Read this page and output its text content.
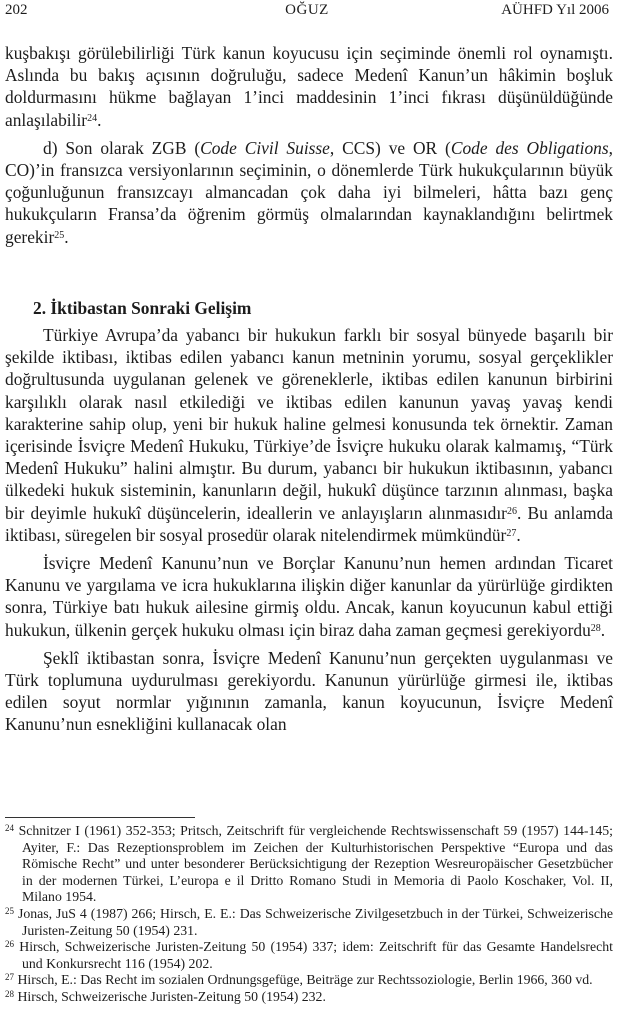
202	OĞUZ	AÜHFD Yıl 2006

kuşbakışı görülebilirliği Türk kanun koyucusu için seçiminde önemli rol oynamıştı. Aslında bu bakış açısının doğruluğu, sadece Medenî Kanun’un hâkimin boşluk doldurmasını hükme bağlayan 1’inci maddesinin 1’inci fıkrası düşünüldüğünde anlaşılabilir$^{24}$.

d) Son olarak ZGB (Code Civil Suisse, CCS) ve OR (Code des Obligations, CO)’in fransızca versiyonlarının seçiminin, o dönemlerde Türk hukukçularının büyük çoğunluğunun fransızcayı almancadan çok daha iyi bilmeleri, hâtta bazı genç hukukçuların Fransa’da öğrenim görmüş olmalarından kaynaklandığını belirtmek gerekir$^{25}$.

2. İktibastan Sonraki Gelişim

Türkiye Avrupa’da yabancı bir hukukun farklı bir sosyal bünyede başarılı bir şekilde iktibası, iktibas edilen yabancı kanun metninin yorumu, sosyal gerçeklikler doğrultusunda uygulanan gelenek ve göreneklerle, iktibas edilen kanunun birbirini karşılıklı olarak nasıl etkilediği ve iktibas edilen kanunun yavaş yavaş kendi karakterine sahip olup, yeni bir hukuk haline gelmesi konusunda tek örnektir. Zaman içerisinde İsviçre Medenî Hukuku, Türkiye’de İsviçre hukuku olarak kalmamış, “Türk Medenî Hukuku” halini almıştır. Bu durum, yabancı bir hukukun iktibasının, yabancı ülkedeki hukuk sisteminin, kanunların değil, hukukî düşünce tarzının alınması, başka bir deyimle hukukî düşüncelerin, ideallerin ve anlayışların alınmasıdır$^{26}$. Bu anlamda iktibası, süregelen bir sosyal prosedür olarak nitelendirmek mümkündür$^{27}$.

İsviçre Medenî Kanunu’nun ve Borçlar Kanunu’nun hemen ardından Ticaret Kanunu ve yargılama ve icra hukuklarına ilişkin diğer kanunlar da yürürlüğe girdikten sonra, Türkiye batı hukuk ailesine girmiş oldu. Ancak, kanun koyucunun kabul ettiği hukukun, ülkenin gerçek hukuku olması için biraz daha zaman geçmesi gerekiyordu$^{28}$.

Şeklî iktibastan sonra, İsviçre Medenî Kanunu’nun gerçekten uygulanması ve Türk toplumuna uydurulması gerekiyordu. Kanunun yürürlüğe girmesi ile, iktibas edilen soyut normlar yığınının zamanla, kanun koyucunun, İsviçre Medenî Kanunu’nun esnekliğini kullanacak olan

$^{24}$ Schnitzer I (1961) 352-353; Pritsch, Zeitschrift für vergleichende Rechtswissenschaft 59 (1957) 144-145; Ayiter, F.: Das Rezeptionsproblem im Zeichen der Kulturhistorischen Perspektive “Europa und das Römische Recht” und unter besonderer Berücksichtigung der Rezeption Wesreuropäischer Gesetzbücher in der modernen Türkei, L’europa e il Dritto Romano Studi in Memoria di Paolo Koschaker, Vol. II, Milano 1954.

$^{25}$ Jonas, JuS 4 (1987) 266; Hirsch, E. E.: Das Schweizerische Zivilgesetzbuch in der Türkei, Schweizerische Juristen-Zeitung 50 (1954) 231.

$^{26}$ Hirsch, Schweizerische Juristen-Zeitung 50 (1954) 337; idem: Zeitschrift für das Gesamte Handelsrecht und Konkursrecht 116 (1954) 202.

$^{27}$ Hirsch, E.: Das Recht im sozialen Ordnungsgefüge, Beiträge zur Rechtssoziologie, Berlin 1966, 360 vd.

$^{28}$ Hirsch, Schweizerische Juristen-Zeitung 50 (1954) 232.
